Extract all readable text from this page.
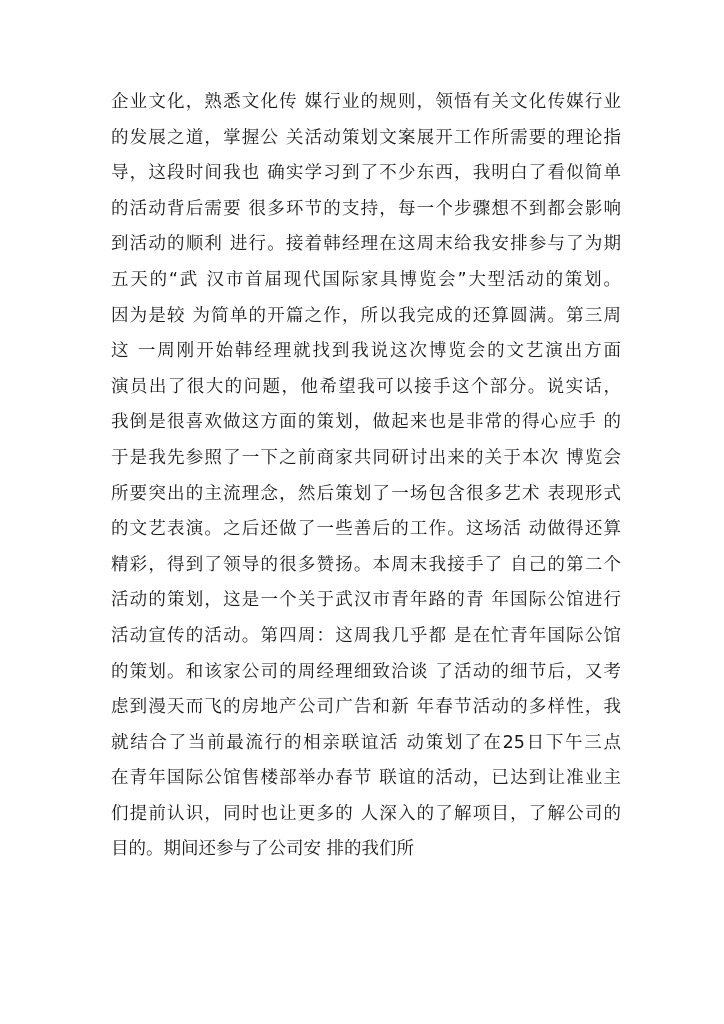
企业文化，熟悉文化传 媒行业的规则，领悟有关文化传媒行业
的发展之道，掌握公 关活动策划文案展开工作所需要的理论指
导，这段时间我也 确实学习到了不少东西，我明白了看似简单
的活动背后需要 很多环节的支持，每一个步骤想不到都会影响
到活动的顺利 进行。接着韩经理在这周末给我安排参与了为期
五天的“武 汉市首届现代国际家具博览会”大型活动的策划。
因为是较 为简单的开篇之作，所以我完成的还算圆满。第三周
这 一周刚开始韩经理就找到我说这次博览会的文艺演出方面
演员出了很大的问题，他希望我可以接手这个部分。说实话，
我倒是很喜欢做这方面的策划，做起来也是非常的得心应手 的
于是我先参照了一下之前商家共同研讨出来的关于本次 博览会
所要突出的主流理念，然后策划了一场包含很多艺术 表现形式
的文艺表演。之后还做了一些善后的工作。这场活 动做得还算
精彩，得到了领导的很多赞扬。本周末我接手了 自己的第二个
活动的策划，这是一个关于武汉市青年路的青 年国际公馆进行
活动宣传的活动。第四周：这周我几乎都 是在忙青年国际公馆
的策划。和该家公司的周经理细致洽谈 了活动的细节后，又考
虑到漫天而飞的房地产公司广告和新 年春节活动的多样性，我
就结合了当前最流行的相亲联谊活 动策划了在25日下午三点
在青年国际公馆售楼部举办春节 联谊的活动，已达到让准业主
们提前认识，同时也让更多的 人深入的了解项目，了解公司的
目的。期间还参与了公司安 排的我们所
